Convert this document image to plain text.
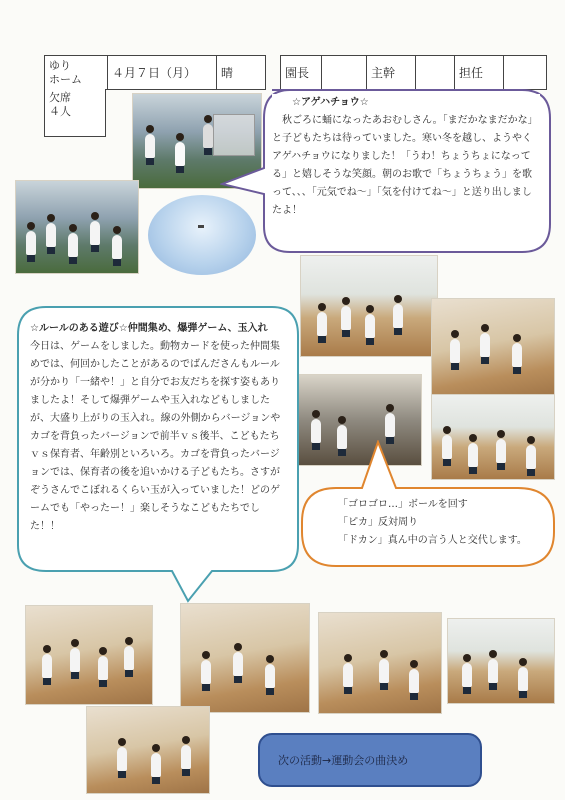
ゆり
ホーム	４月７日（月）	晴		園長		主幹		担任	
欠席
４人

☆アゲハチョウ☆

秋ごろに蛹になったあおむしさん。「まだかなまだかな」と子どもたちは待っていました。寒い冬を越し、ようやくアゲハチョウになりました！「うわ！ちょうちょになってる」と嬉しそうな笑顔。朝のお歌で「ちょうちょう」を歌って、、、「元気でね～」「気を付けてね～」と送り出しましたよ！

☆ルールのある遊び☆仲間集め、爆弾ゲーム、玉入れ

今日は、ゲームをしました。動物カードを使った仲間集めでは、何回かしたことがあるのでばんださんもルールが分かり「一緒や！」と自分でお友だちを探す姿もありましたよ！そして爆弾ゲームや玉入れなどもしましたが、大盛り上がりの玉入れ。線の外側からバージョンやカゴを背負ったバージョンで前半ｖｓ後半、こどもたちｖｓ保育者、年齢別といろいろ。カゴを背負ったバージョンでは、保育者の後を追いかける子どもたち。さすがぞうさんでこぼれるくらい玉が入っていました！どのゲームでも「やったー！」楽しそうなこどもたちでした！！

「ゴロゴロ…」ボールを回す

「ピカ」反対周り

「ドカン」真ん中の言う人と交代します。

次の活動→運動会の曲決め
